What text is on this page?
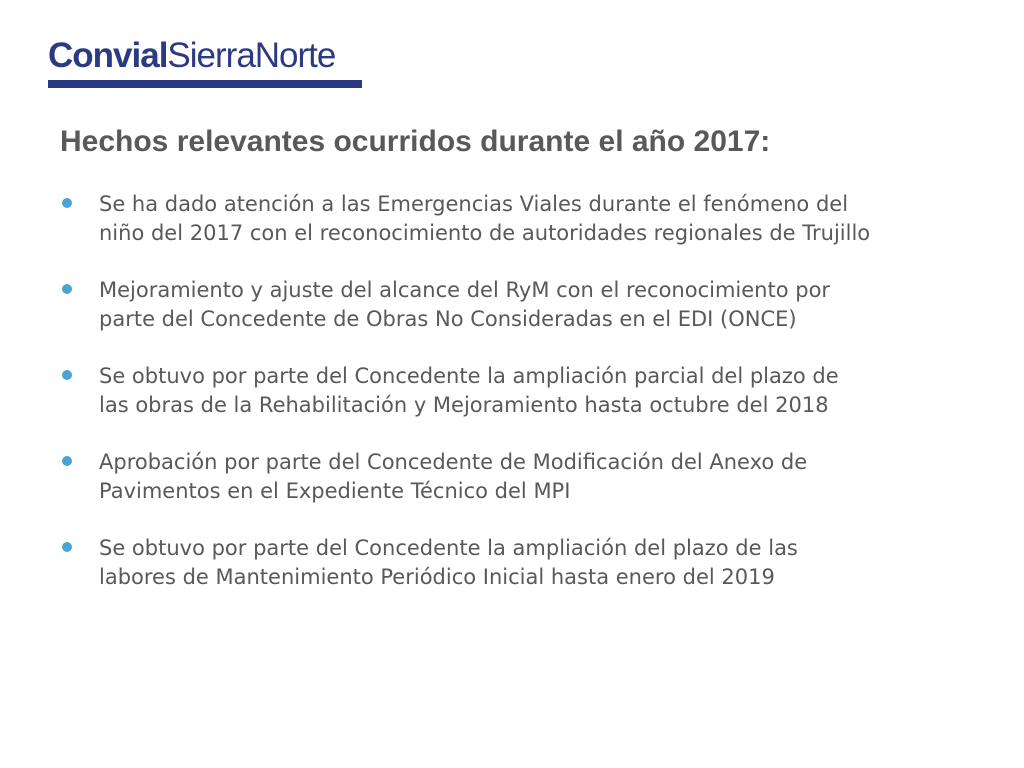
ConvialSierraNorte
Hechos relevantes ocurridos durante el año 2017:
Se ha dado atención a las Emergencias Viales durante el fenómeno del
niño del 2017 con el reconocimiento de autoridades regionales de Trujillo
Mejoramiento y ajuste del alcance del RyM con el reconocimiento por
parte del Concedente de Obras No Consideradas en el EDI (ONCE)
Se obtuvo por parte del Concedente la ampliación parcial del plazo de
las obras de la Rehabilitación y Mejoramiento hasta octubre del 2018
Aprobación por parte del Concedente de Modificación del Anexo de
Pavimentos en el Expediente Técnico del MPI
Se obtuvo por parte del Concedente la ampliación del plazo de las
labores de Mantenimiento Periódico Inicial hasta enero del 2019
